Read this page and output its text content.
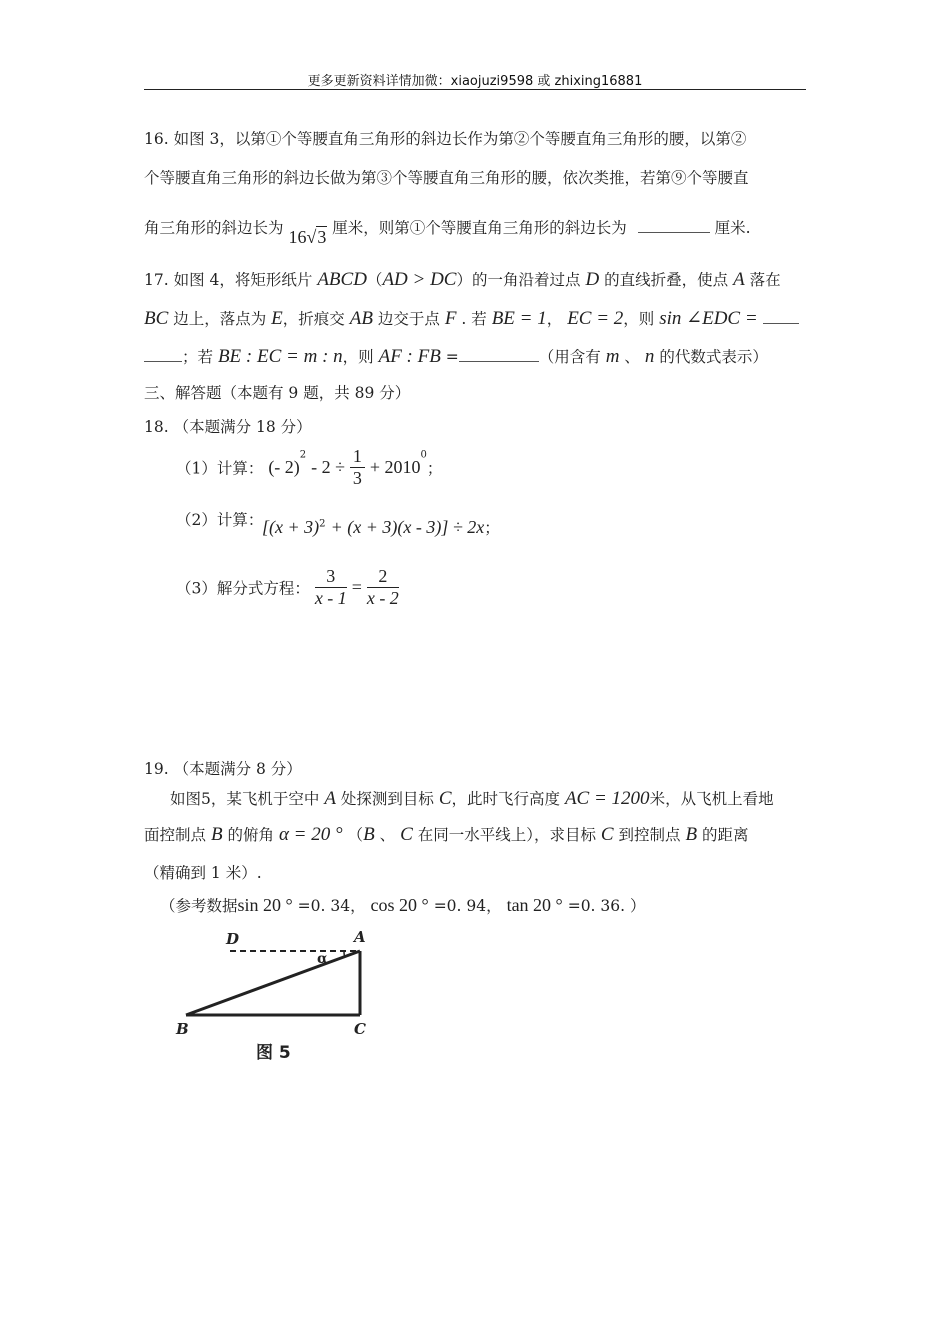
更多更新资料详情加微：xiaojuzi9598 或 zhixing16881
16. 如图 3，以第①个等腰直角三角形的斜边长作为第②个等腰直角三角形的腰，以第②
个等腰直角三角形的斜边长做为第③个等腰直角三角形的腰，依次类推，若第⑨个等腰直
角三角形的斜边长为 16√3 厘米，则第①个等腰直角三角形的斜边长为	厘米.
17. 如图 4，将矩形纸片 ABCD（AD > DC）的一角沿着过点 D 的直线折叠，使点 A 落在
BC 边上，落点为 E，折痕交 AB 边交于点 F . 若 BE = 1， EC = 2，则 sin ∠EDC =
；若 BE : EC = m : n，则 AF : FB =	（用含有 m 、 n 的代数式表示）
三、解答题（本题有 9 题，共 89 分）
18. （本题满分 18 分）
（1）计算： (- $2)^2 - 2 \div \frac{1}{3} + 2010^0$；
（2）计算：
$[(x + 3)^2 + (x + 3)(x - 3)] \div 2x$；
（3）解分式方程： $\frac{3}{x - 1} = \frac{2}{x - 2}$
19. （本题满分 8 分）
如图5，某飞机于空中 A 处探测到目标 C，此时飞行高度 AC = 1200米，从飞机上看地
面控制点 B 的俯角 α = 20 ° （B 、 C 在同一水平线上），求目标 C 到控制点 B 的距离
（精确到 1 米）.
（参考数据sin 20 ° =0. 34， cos 20 ° =0. 94， tan 20 ° =0. 36. ）
D	A
α
B	C
图 5
